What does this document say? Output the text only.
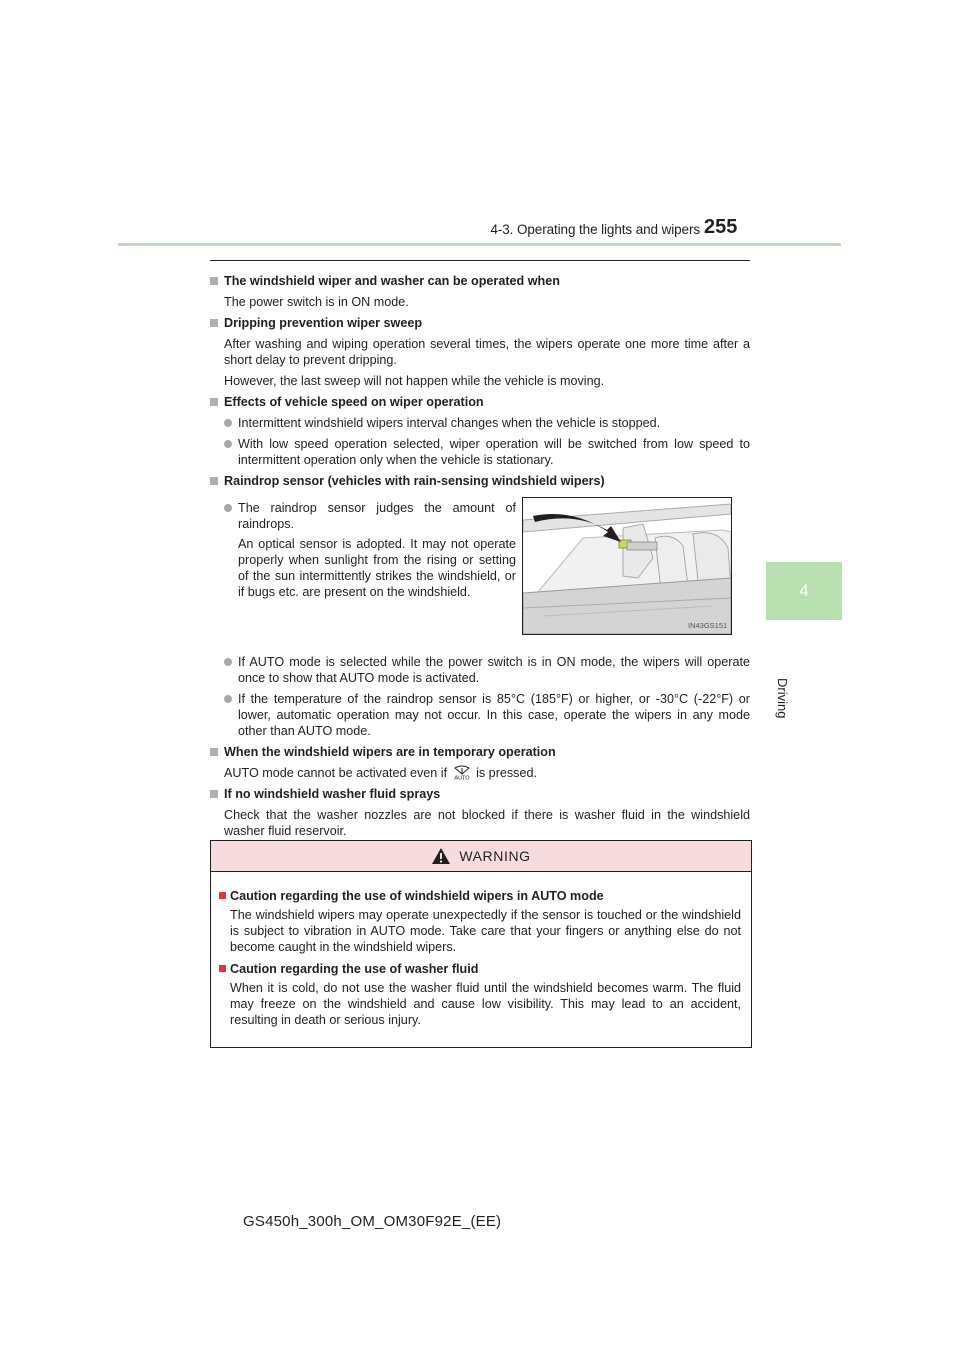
4-3. Operating the lights and wipers 255
4
Driving
The windshield wiper and washer can be operated when
The power switch is in ON mode.
Dripping prevention wiper sweep
After washing and wiping operation several times, the wipers operate one more time after a short delay to prevent dripping.
However, the last sweep will not happen while the vehicle is moving.
Effects of vehicle speed on wiper operation
Intermittent windshield wipers interval changes when the vehicle is stopped.
With low speed operation selected, wiper operation will be switched from low speed to intermittent operation only when the vehicle is stationary.
Raindrop sensor (vehicles with rain-sensing windshield wipers)
The raindrop sensor judges the amount of raindrops.
An optical sensor is adopted. It may not operate properly when sunlight from the rising or setting of the sun intermittently strikes the windshield, or if bugs etc. are present on the windshield.
IN43GS151
If AUTO mode is selected while the power switch is in ON mode, the wipers will operate once to show that AUTO mode is activated.
If the temperature of the raindrop sensor is 85°C (185°F) or higher, or -30°C (-22°F) or lower, automatic operation may not occur. In this case, operate the wipers in any mode other than AUTO mode.
When the windshield wipers are in temporary operation
AUTO mode cannot be activated even if AUTO is pressed.
If no windshield washer fluid sprays
Check that the washer nozzles are not blocked if there is washer fluid in the windshield washer fluid reservoir.
WARNING
Caution regarding the use of windshield wipers in AUTO mode
The windshield wipers may operate unexpectedly if the sensor is touched or the windshield is subject to vibration in AUTO mode. Take care that your fingers or anything else do not become caught in the windshield wipers.
Caution regarding the use of washer fluid
When it is cold, do not use the washer fluid until the windshield becomes warm. The fluid may freeze on the windshield and cause low visibility. This may lead to an accident, resulting in death or serious injury.
GS450h_300h_OM_OM30F92E_(EE)
